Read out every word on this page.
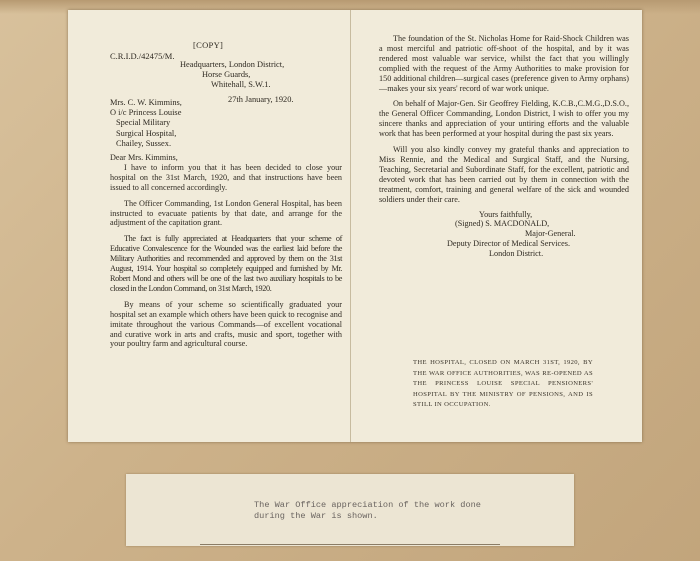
[COPY]
C.R.I.D./42475/M.
Headquarters, London District,
Horse Guards,
Whitehall, S.W.1.
27th January, 1920.
Mrs. C. W. Kimmins,
O i/c Princess Louise
Special Military
Surgical Hospital,
Chailey, Sussex.

Dear Mrs. Kimmins,

I have to inform you that it has been decided to close your hospital on the 31st March, 1920, and that instructions have been issued to all concerned accordingly.

The Officer Commanding, 1st London General Hospital, has been instructed to evacuate patients by that date, and arrange for the adjustment of the capitation grant.

The fact is fully appreciated at Headquarters that your scheme of Educative Convalescence for the Wounded was the earliest laid before the Military Authorities and recommended and approved by them on the 31st August, 1914. Your hospital so completely equipped and furnished by Mr. Robert Mond and others will be one of the last two auxiliary hospitals to be closed in the London Command, on 31st March, 1920.

By means of your scheme so scientifically graduated your hospital set an example which others have been quick to recognise and imitate throughout the various Commands—of excellent vocational and curative work in arts and crafts, music and sport, together with your poultry farm and agricultural course.

The foundation of the St. Nicholas Home for Raid-Shock Children was a most merciful and patriotic off-shoot of the hospital, and by it was rendered most valuable war service, whilst the fact that you willingly complied with the request of the Army Authorities to make provision for 150 additional children—surgical cases (preference given to Army orphans)—makes your six years' record of war work unique.

On behalf of Major-Gen. Sir Geoffrey Fielding, K.C.B.,C.M.G.,D.S.O., the General Officer Commanding, London District, I wish to offer you my sincere thanks and appreciation of your untiring efforts and the valuable work that has been performed at your hospital during the past six years.

Will you also kindly convey my grateful thanks and appreciation to Miss Rennie, and the Medical and Surgical Staff, and the Nursing, Teaching, Secretarial and Subordinate Staff, for the excellent, patriotic and devoted work that has been carried out by them in connection with the treatment, comfort, training and general welfare of the sick and wounded soldiers under their care.

Yours faithfully,
(Signed) S. MACDONALD,
Major-General.
Deputy Director of Medical Services.
London District.
THE HOSPITAL, CLOSED ON MARCH 31ST, 1920, BY THE WAR OFFICE AUTHORITIES, WAS RE-OPENED AS THE PRINCESS LOUISE SPECIAL PENSIONERS' HOSPITAL BY THE MINISTRY OF PENSIONS, AND IS STILL IN OCCUPATION.
The War Office appreciation of the work done
during the War is shown.
